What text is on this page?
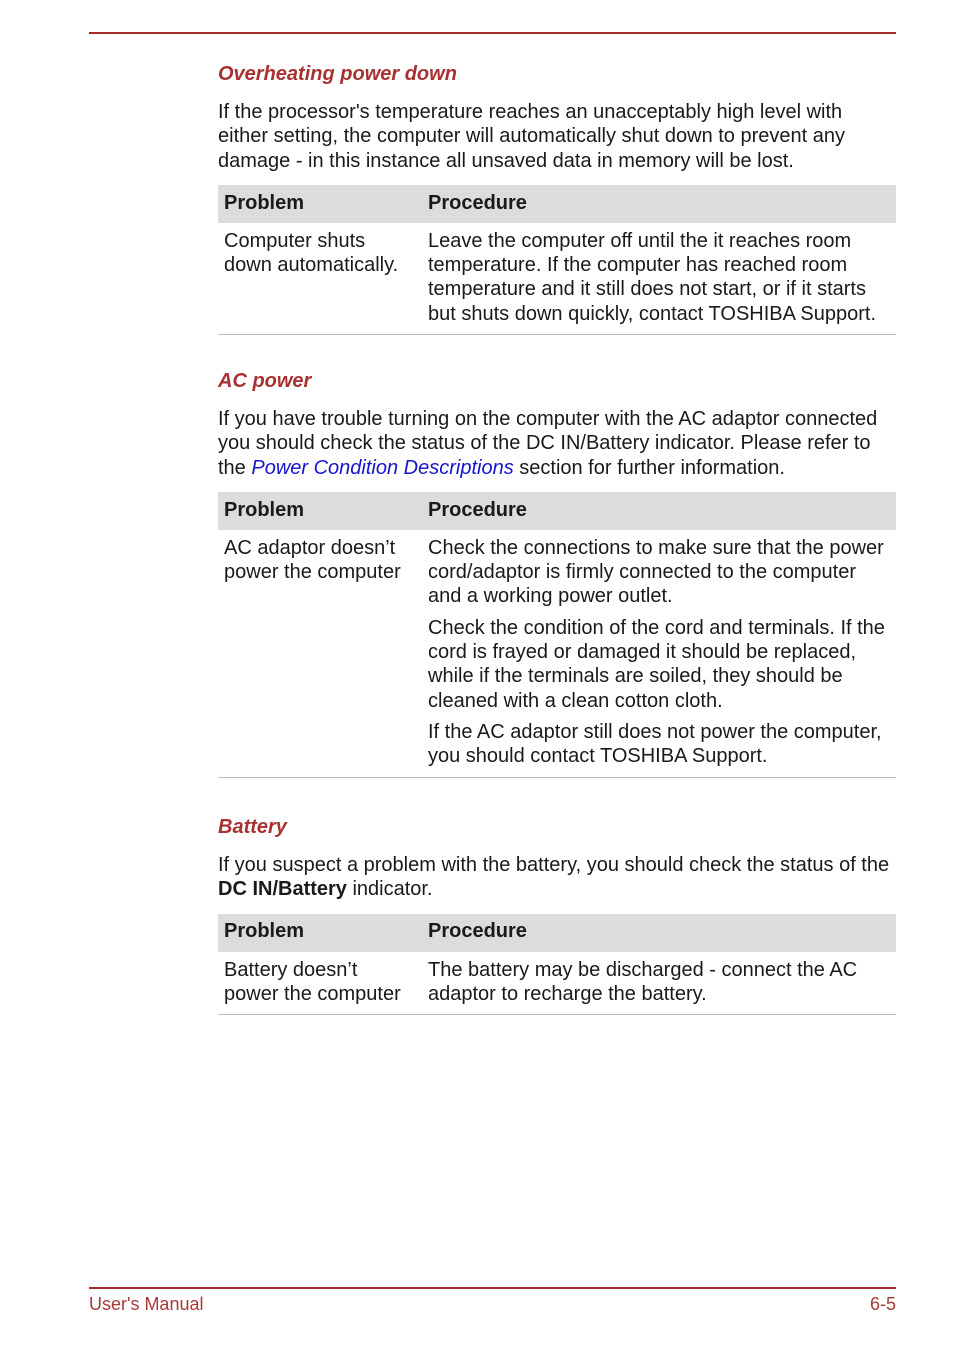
Overheating power down

If the processor's temperature reaches an unacceptably high level with either setting, the computer will automatically shut down to prevent any damage - in this instance all unsaved data in memory will be lost.

Problem	Procedure
Computer shuts down automatically.	Leave the computer off until the it reaches room temperature. If the computer has reached room temperature and it still does not start, or if it starts but shuts down quickly, contact TOSHIBA Support.
AC power

If you have trouble turning on the computer with the AC adaptor connected you should check the status of the DC IN/Battery indicator. Please refer to the Power Condition Descriptions section for further information.

Problem	Procedure
AC adaptor doesn’t power the computer	Check the connections to make sure that the power cord/adaptor is firmly connected to the computer and a working power outlet.
Check the condition of the cord and terminals. If the cord is frayed or damaged it should be replaced, while if the terminals are soiled, they should be cleaned with a clean cotton cloth.
If the AC adaptor still does not power the computer, you should contact TOSHIBA Support.
Battery

If you suspect a problem with the battery, you should check the status of the DC IN/Battery indicator.

Problem	Procedure
Battery doesn’t power the computer	The battery may be discharged - connect the AC adaptor to recharge the battery.
User's Manual	6-5
